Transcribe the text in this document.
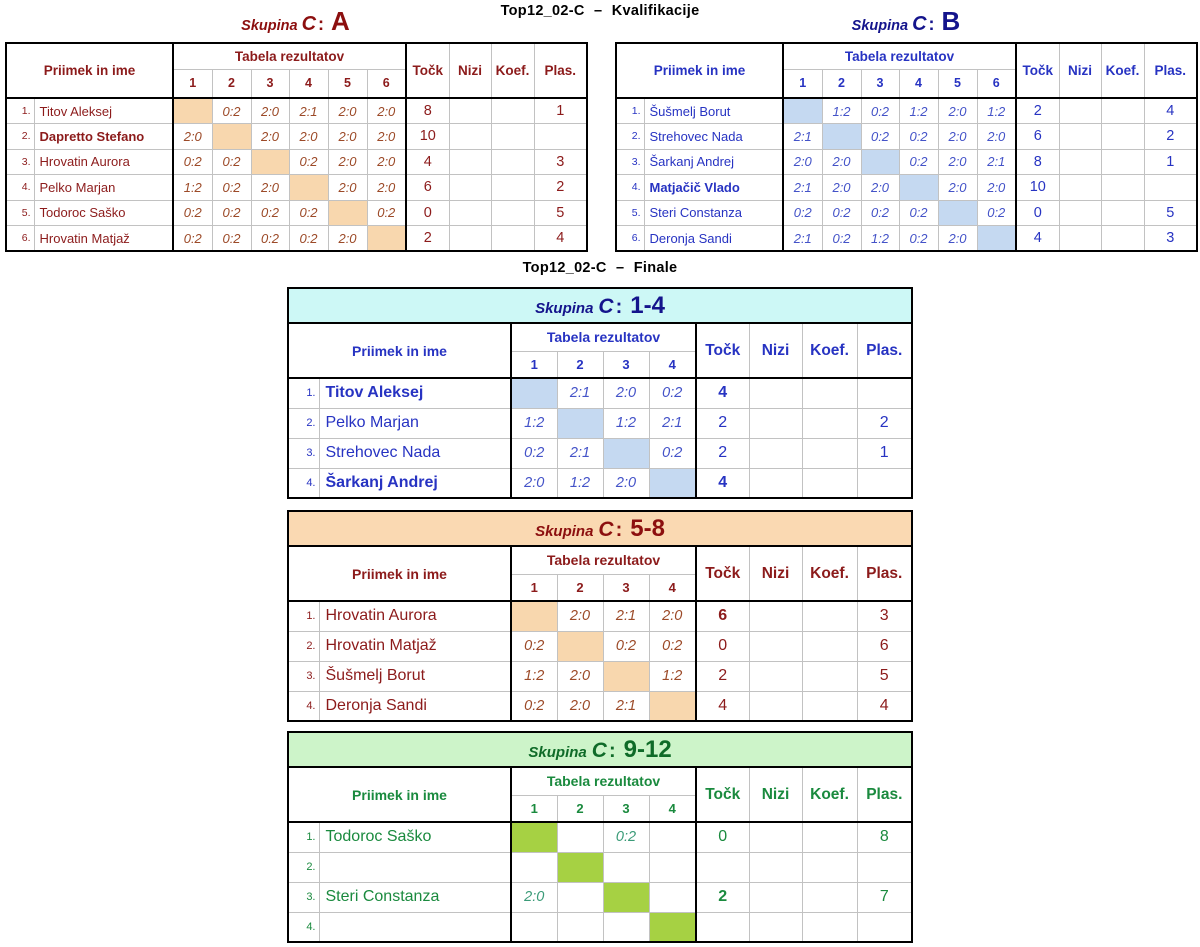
Top12_02-C – Kvalifikacije
Skupina C : A	Skupina C : B
Priimek in ime		Tabela rezultatov						Točk	Nizi	Koef.	Plas.
		1	2	3	4	5	6				
1.	Titov Aleksej		0:2	2:0	2:1	2:0	2:0	8			1
2.	Dapretto Stefano	2:0		2:0	2:0	2:0	2:0	10			
3.	Hrovatin Aurora	0:2	0:2		0:2	2:0	2:0	4			3
4.	Pelko Marjan	1:2	0:2	2:0		2:0	2:0	6			2
5.	Todoroc Saško	0:2	0:2	0:2	0:2		0:2	0			5
6.	Hrovatin Matjaž	0:2	0:2	0:2	0:2	2:0		2			4
Priimek in ime		Tabela rezultatov						Točk	Nizi	Koef.	Plas.
		1	2	3	4	5	6				
1.	Šušmelj Borut		1:2	0:2	1:2	2:0	1:2	2			4
2.	Strehovec Nada	2:1		0:2	0:2	2:0	2:0	6			2
3.	Šarkanj Andrej	2:0	2:0		0:2	2:0	2:1	8			1
4.	Matjačič Vlado	2:1	2:0	2:0		2:0	2:0	10			
5.	Steri Constanza	0:2	0:2	0:2	0:2		0:2	0			5
6.	Deronja Sandi	2:1	0:2	1:2	0:2	2:0		4			3
Top12_02-C – Finale
Skupina C : 1-4									
Priimek in ime		Tabela rezultatov				Točk	Nizi	Koef.	Plas.
		1	2	3	4				
1.	Titov Aleksej		2:1	2:0	0:2	4			
2.	Pelko Marjan	1:2		1:2	2:1	2			2
3.	Strehovec Nada	0:2	2:1		0:2	2			1
4.	Šarkanj Andrej	2:0	1:2	2:0		4			
Skupina C : 5-8									
Priimek in ime		Tabela rezultatov				Točk	Nizi	Koef.	Plas.
		1	2	3	4				
1.	Hrovatin Aurora		2:0	2:1	2:0	6			3
2.	Hrovatin Matjaž	0:2		0:2	0:2	0			6
3.	Šušmelj Borut	1:2	2:0		1:2	2			5
4.	Deronja Sandi	0:2	2:0	2:1		4			4
Skupina C : 9-12									
Priimek in ime		Tabela rezultatov				Točk	Nizi	Koef.	Plas.
		1	2	3	4				
1.	Todoroc Saško			0:2		0			8
2.									
3.	Steri Constanza	2:0				2			7
4.									
